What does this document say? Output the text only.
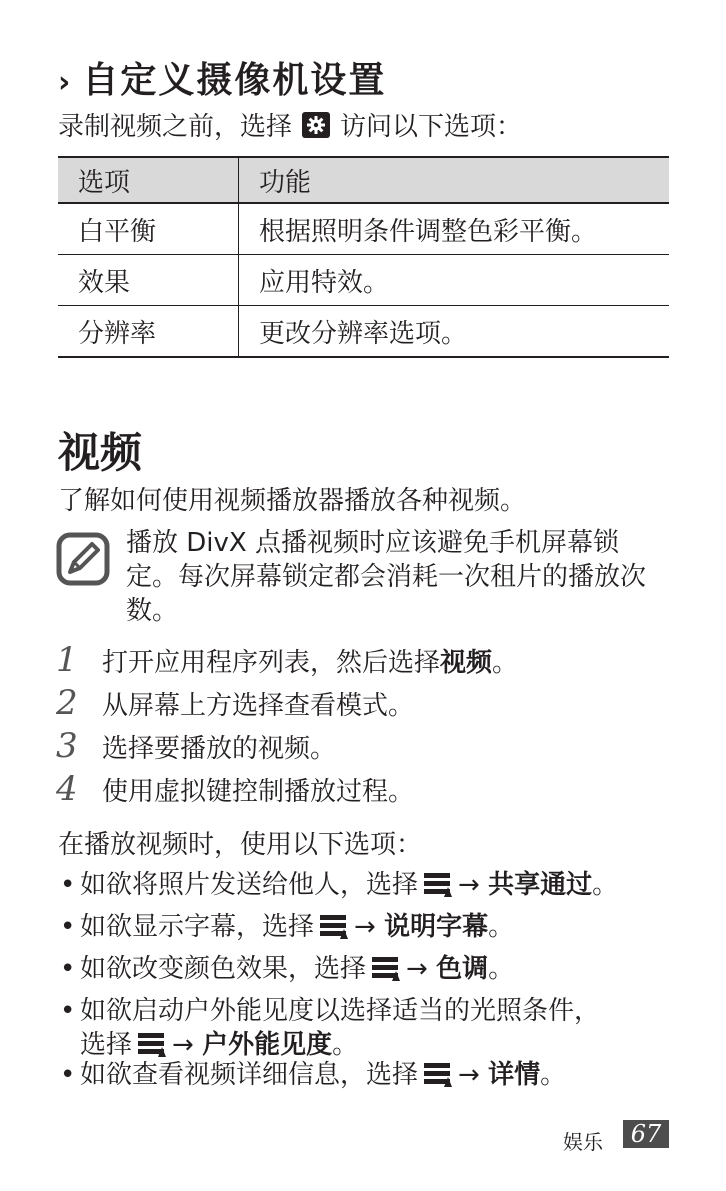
› 自定义摄像机设置
录制视频之前，选择 访问以下选项：
选项	功能
白平衡	根据照明条件调整色彩平衡。
效果	应用特效。
分辨率	更改分辨率选项。
视频
了解如何使用视频播放器播放各种视频。
播放 DivX 点播视频时应该避免手机屏幕锁定。每次屏幕锁定都会消耗一次租片的播放次数。
1 打开应用程序列表，然后选择 视频 。
2 从屏幕上方选择查看模式。
3 选择要播放的视频。
4 使用虚拟键控制播放过程。
在播放视频时，使用以下选项：
• 如欲将照片发送给他人，选择 → 共享通过。
• 如欲显示字幕，选择 → 说明字幕。
• 如欲改变颜色效果，选择 → 色调。
• 如欲启动户外能见度以选择适当的光照条件，
选择 → 户外能见度。
• 如欲查看视频详细信息，选择 → 详情。
娱乐	67
